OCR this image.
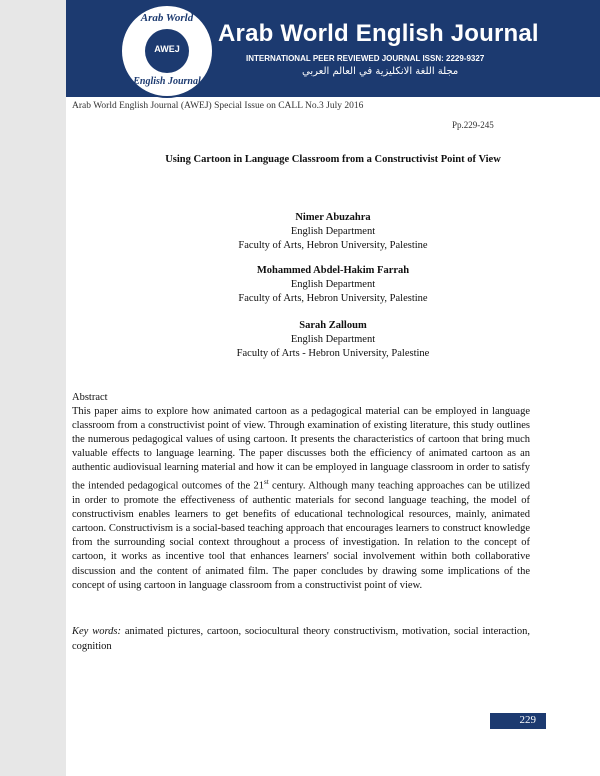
Arab World
AWEJ
English Journal
Arab World English Journal
INTERNATIONAL PEER REVIEWED JOURNAL ISSN: 2229-9327
مجلة اللغة الانكليزية في العالم العربي
Arab World English Journal (AWEJ) Special Issue on CALL No.3 July 2016
Pp.229-245
Using Cartoon in Language Classroom from a Constructivist Point of View
Nimer Abuzahra
English Department
Faculty of Arts, Hebron University, Palestine
Mohammed Abdel-Hakim Farrah
English Department
Faculty of Arts, Hebron University, Palestine
Sarah Zalloum
English Department
Faculty of Arts - Hebron University, Palestine
Abstract

This paper aims to explore how animated cartoon as a pedagogical material can be employed in language classroom from a constructivist point of view. Through examination of existing literature, this study outlines the numerous pedagogical values of using cartoon. It presents the characteristics of cartoon that bring much valuable effects to language learning. The paper discusses both the efficiency of animated cartoon as an authentic audiovisual learning material and how it can be employed in language classroom in order to satisfy the intended pedagogical outcomes of the 21st century. Although many teaching approaches can be utilized in order to promote the effectiveness of authentic materials for second language teaching, the model of constructivism enables learners to get benefits of educational technological resources, mainly, animated cartoon. Constructivism is a social-based teaching approach that encourages learners to construct knowledge from the surrounding social context throughout a process of investigation. In relation to the concept of cartoon, it works as incentive tool that enhances learners' social involvement within both collaborative discussion and the content of animated film. The paper concludes by drawing some implications of the concept of using cartoon in language classroom from a constructivist point of view.

Key words: animated pictures, cartoon, sociocultural theory constructivism, motivation, social interaction, cognition
229
